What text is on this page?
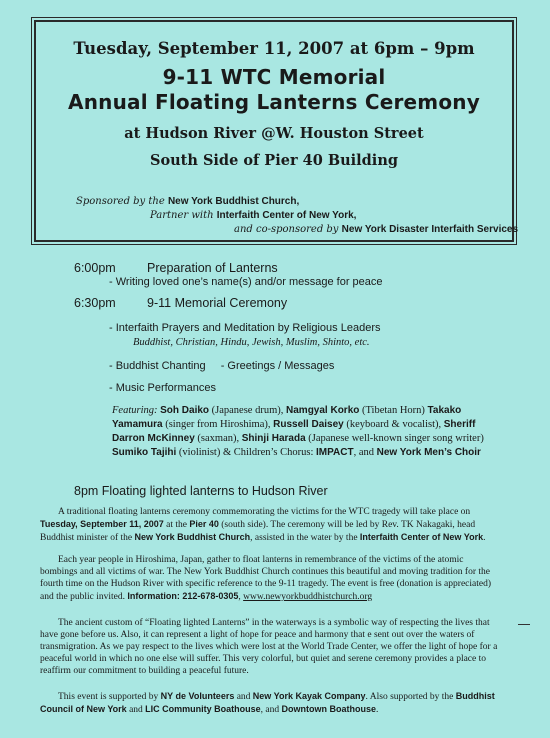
Tuesday, September 11, 2007 at 6pm – 9pm
9-11 WTC Memorial
Annual Floating Lanterns Ceremony
at Hudson River @W. Houston Street
South Side of Pier 40 Building
Sponsored by the New York Buddhist Church,
Partner with Interfaith Center of New York,
and co-sponsored by New York Disaster Interfaith Services
6:00pm	Preparation of Lanterns
- Writing loved one’s name(s) and/or message for peace
6:30pm	9-11 Memorial Ceremony
- Interfaith Prayers and Meditation by Religious Leaders
Buddhist, Christian, Hindu, Jewish, Muslim, Shinto, etc.
- Buddhist Chanting - Greetings / Messages
- Music Performances
Featuring: Soh Daiko (Japanese drum), Namgyal Korko (Tibetan Horn) Takako Yamamura (singer from Hiroshima), Russell Daisey (keyboard & vocalist), Sheriff Darron McKinney (saxman), Shinji Harada (Japanese well-known singer song writer) Sumiko Tajihi (violinist) & Children’s Chorus: IMPACT, and New York Men’s Choir
8pm Floating lighted lanterns to Hudson River
A traditional floating lanterns ceremony commemorating the victims for the WTC tragedy will take place on Tuesday, September 11, 2007 at the Pier 40 (south side). The ceremony will be led by Rev. TK Nakagaki, head Buddhist minister of the New York Buddhist Church, assisted in the water by the Interfaith Center of New York.
Each year people in Hiroshima, Japan, gather to float lanterns in remembrance of the victims of the atomic bombings and all victims of war. The New York Buddhist Church continues this beautiful and moving tradition for the fourth time on the Hudson River with specific reference to the 9-11 tragedy. The event is free (donation is appreciated) and the public invited. Information: 212-678-0305, www.newyorkbuddhistchurch.org
The ancient custom of “Floating lighted Lanterns” in the waterways is a symbolic way of respecting the lives that have gone before us. Also, it can represent a light of hope for peace and harmony that e sent out over the waters of transmigration. As we pay respect to the lives which were lost at the World Trade Center, we offer the light of hope for a peaceful world in which no one else will suffer. This very colorful, but quiet and serene ceremony provides a place to reaffirm our commitment to building a peaceful future.
This event is supported by NY de Volunteers and New York Kayak Company. Also supported by the Buddhist Council of New York and LIC Community Boathouse, and Downtown Boathouse.
